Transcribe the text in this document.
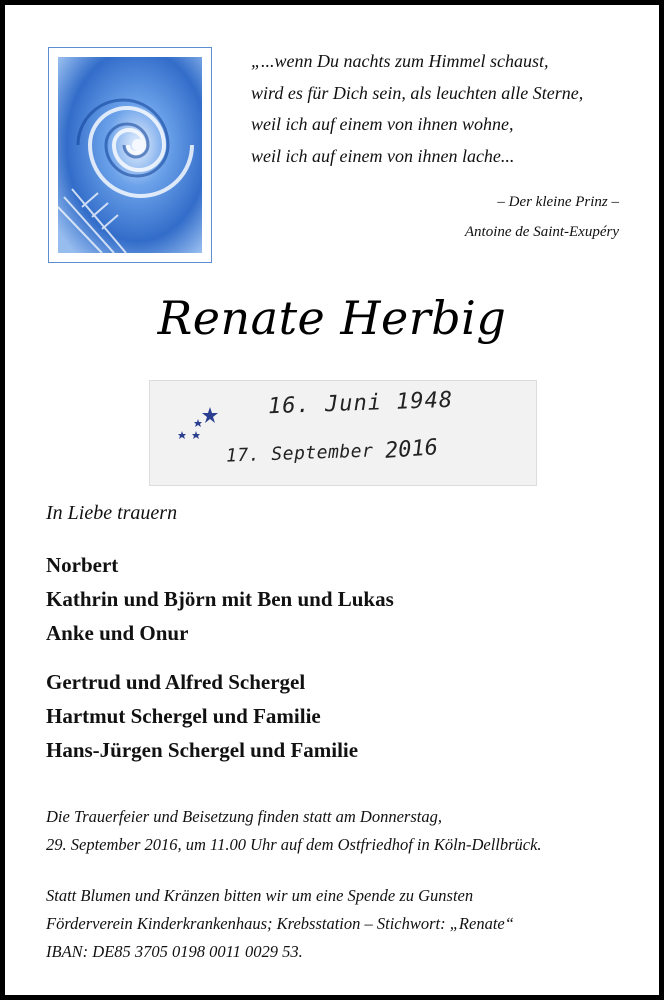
„...wenn Du nachts zum Himmel schaust,
wird es für Dich sein, als leuchten alle Sterne,
weil ich auf einem von ihnen wohne,
weil ich auf einem von ihnen lache...
– Der kleine Prinz –
Antoine de Saint-Exupéry
Renate Herbig
16. Juni 1948
17. September 2016
In Liebe trauern
Norbert
Kathrin und Björn mit Ben und Lukas
Anke und Onur
Gertrud und Alfred Schergel
Hartmut Schergel und Familie
Hans-Jürgen Schergel und Familie
Die Trauerfeier und Beisetzung finden statt am Donnerstag,
29. September 2016, um 11.00 Uhr auf dem Ostfriedhof in Köln-Dellbrück.
Statt Blumen und Kränzen bitten wir um eine Spende zu Gunsten
Förderverein Kinderkrankenhaus; Krebsstation – Stichwort: „Renate“
IBAN: DE85 3705 0198 0011 0029 53.
